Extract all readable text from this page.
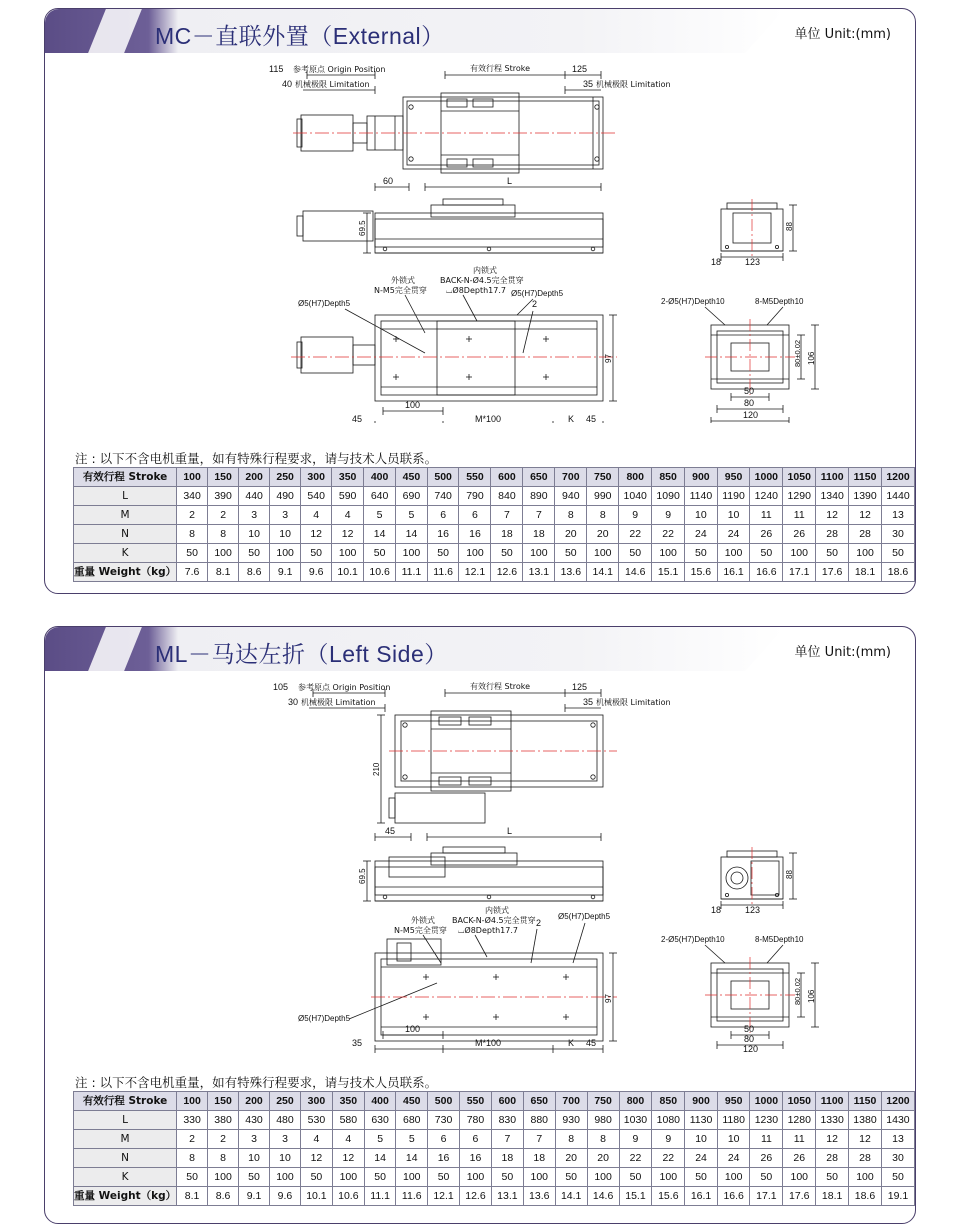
MC－直联外置（External）	单位 Unit:(mm)
115 参考原点 Origin Position	有效行程 Stroke	125
40 机械极限 Limitation	35 机械极限 Limitation
60	L
69.5	88
18	123
外锁式
N-M5完全贯穿
内锁式
BACK-N-Ø4.5完全贯穿
⌴Ø8Depth17.7
Ø5(H7)Depth5
Ø5(H7)Depth5
2
97
100
45	M*100	K 45
2-Ø5(H7)Depth10	8-M5Depth10
80±0.02 106
50
80
120
注 : 以下不含电机重量，如有特殊行程要求，请与技术人员联系。
有效行程 Stroke	100	150	200	250	300	350	400	450	500	550	600	650	700	750	800	850	900	950	1000	1050	1100	1150	1200
L	340	390	440	490	540	590	640	690	740	790	840	890	940	990	1040	1090	1140	1190	1240	1290	1340	1390	1440
M	2	2	3	3	4	4	5	5	6	6	7	7	8	8	9	9	10	10	11	11	12	12	13
N	8	8	10	10	12	12	14	14	16	16	18	18	20	20	22	22	24	24	26	26	28	28	30
K	50	100	50	100	50	100	50	100	50	100	50	100	50	100	50	100	50	100	50	100	50	100	50
重量 Weight（kg）	7.6	8.1	8.6	9.1	9.6	10.1	10.6	11.1	11.6	12.1	12.6	13.1	13.6	14.1	14.6	15.1	15.6	16.1	16.6	17.1	17.6	18.1	18.6
ML－马达左折（Left Side）	单位 Unit:(mm)
105 参考原点 Origin Position	有效行程 Stroke	125
30 机械极限 Limitation	35 机械极限 Limitation
210
45	L
69.5	88
18	123
外锁式
N-M5完全贯穿
内锁式
BACK-N-Ø4.5完全贯穿
⌴Ø8Depth17.7
2
Ø5(H7)Depth5
Ø5(H7)Depth5
97
100
35	M*100	K 45
2-Ø5(H7)Depth10	8-M5Depth10
80±0.02 106
50
80
120
注 : 以下不含电机重量，如有特殊行程要求，请与技术人员联系。
有效行程 Stroke	100	150	200	250	300	350	400	450	500	550	600	650	700	750	800	850	900	950	1000	1050	1100	1150	1200
L	330	380	430	480	530	580	630	680	730	780	830	880	930	980	1030	1080	1130	1180	1230	1280	1330	1380	1430
M	2	2	3	3	4	4	5	5	6	6	7	7	8	8	9	9	10	10	11	11	12	12	13
N	8	8	10	10	12	12	14	14	16	16	18	18	20	20	22	22	24	24	26	26	28	28	30
K	50	100	50	100	50	100	50	100	50	100	50	100	50	100	50	100	50	100	50	100	50	100	50
重量 Weight（kg）	8.1	8.6	9.1	9.6	10.1	10.6	11.1	11.6	12.1	12.6	13.1	13.6	14.1	14.6	15.1	15.6	16.1	16.6	17.1	17.6	18.1	18.6	19.1
